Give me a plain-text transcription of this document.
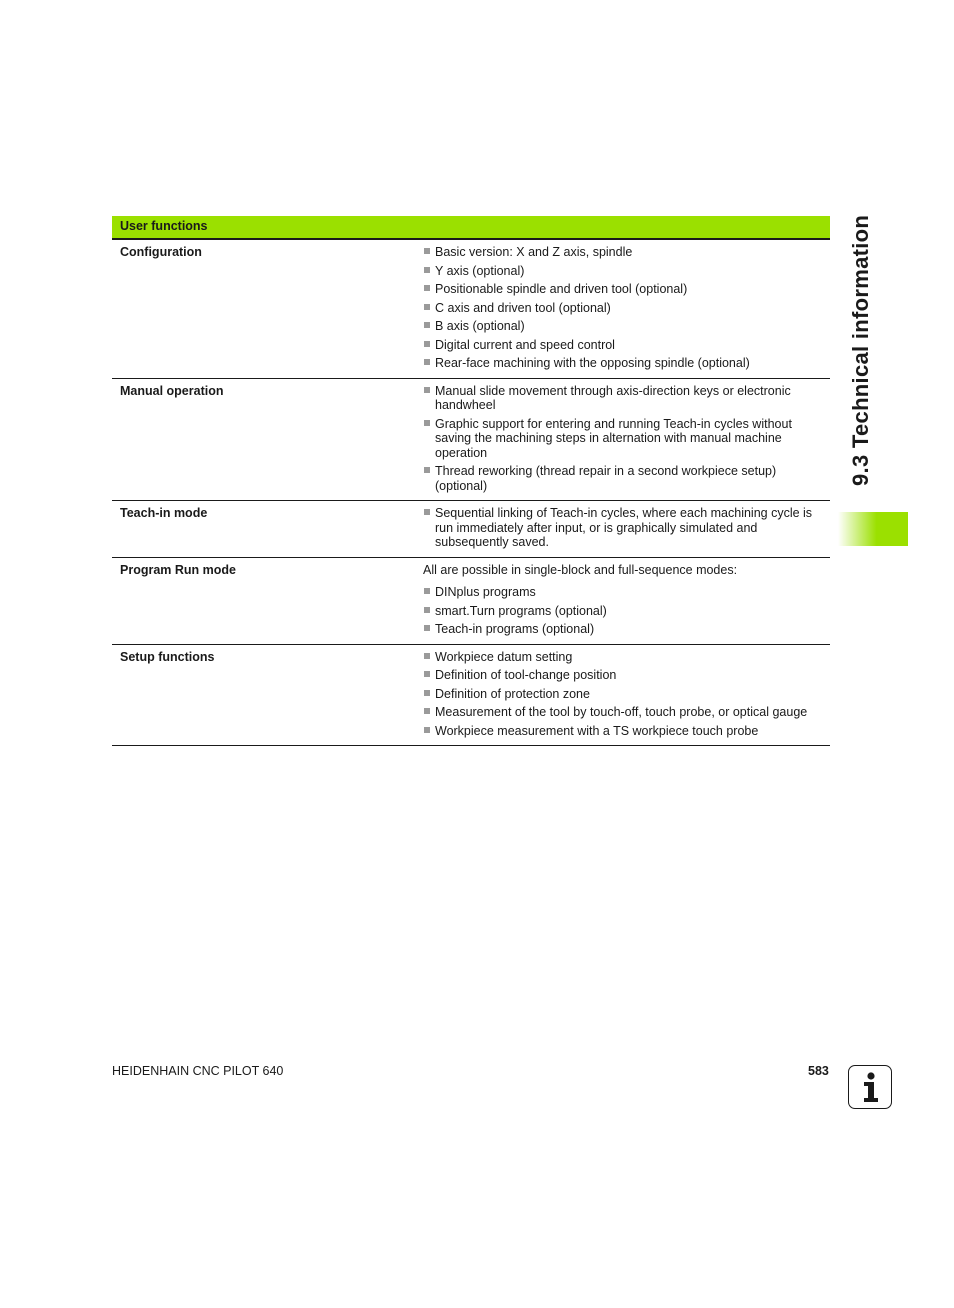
User functions
Configuration	Basic version: X and Z axis, spindle
Y axis (optional)
Positionable spindle and driven tool (optional)
C axis and driven tool (optional)
B axis (optional)
Digital current and speed control
Rear-face machining with the opposing spindle (optional)
Manual operation	Manual slide movement through axis-direction keys or electronic handwheel
Graphic support for entering and running Teach-in cycles without saving the machining steps in alternation with manual machine operation
Thread reworking (thread repair in a second workpiece setup) (optional)
Teach-in mode	Sequential linking of Teach-in cycles, where each machining cycle is run immediately after input, or is graphically simulated and subsequently saved.
Program Run mode	All are possible in single-block and full-sequence modes:

DINplus programs
smart.Turn programs (optional)
Teach-in programs (optional)
Setup functions	Workpiece datum setting
Definition of tool-change position
Definition of protection zone
Measurement of the tool by touch-off, touch probe, or optical gauge
Workpiece measurement with a TS workpiece touch probe
9.3 Technical information
HEIDENHAIN CNC PILOT 640	583
